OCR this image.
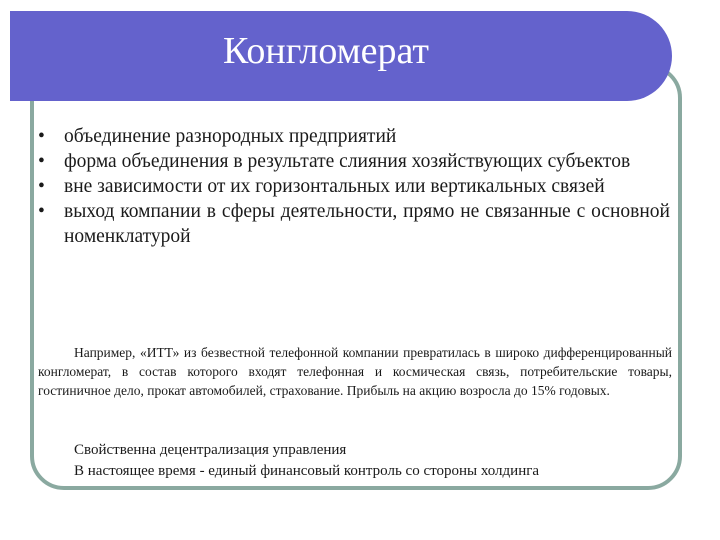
Конгломерат
• объединение разнородных предприятий
• форма объединения в результате слияния хозяйствующих субъектов
• вне зависимости от их горизонтальных или вертикальных связей
• выход компании в сферы деятельности, прямо не связанные с основной номенклатурой

Например, «ИТТ» из безвестной телефонной компании превратилась в широко дифференцированный конгломерат, в состав которого входят телефонная и космическая связь, потребительские товары, гостиничное дело, прокат автомобилей, страхование. Прибыль на акцию возросла до 15% годовых.

Свойственна децентрализация управления
В настоящее время - единый финансовый контроль со стороны холдинга
